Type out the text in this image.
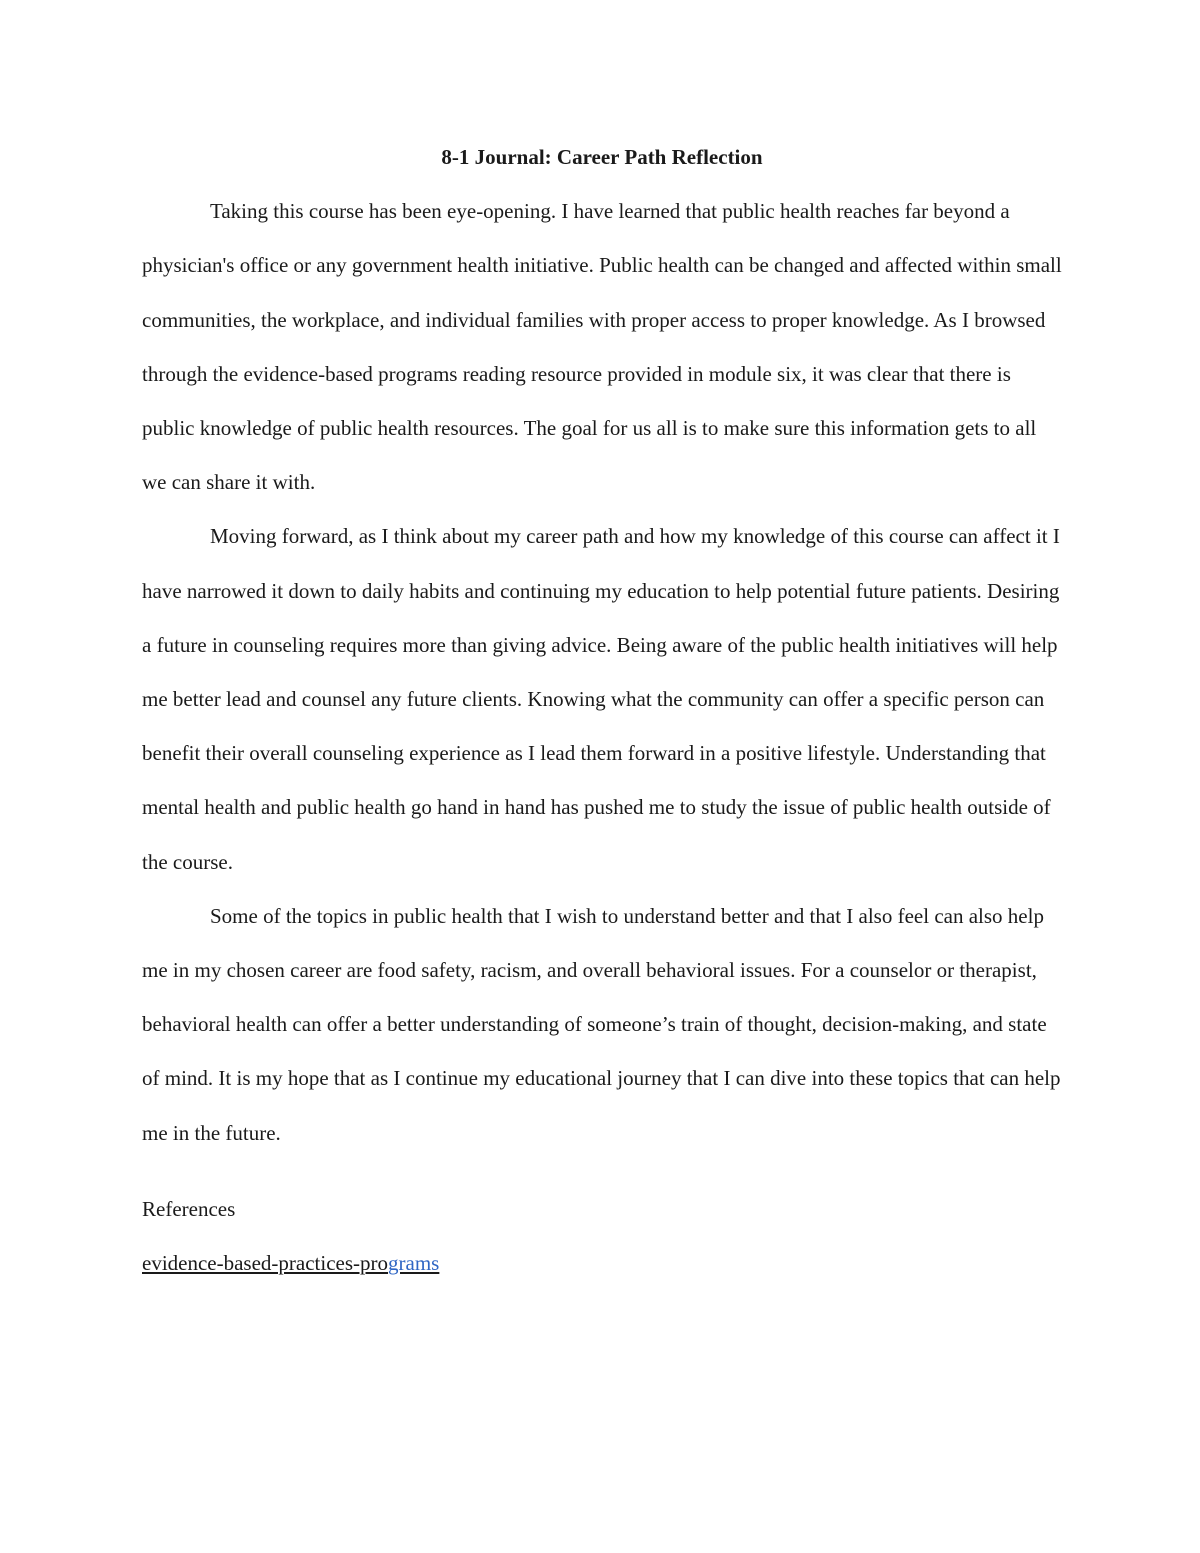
8-1 Journal: Career Path Reflection

Taking this course has been eye-opening. I have learned that public health reaches far beyond a physician's office or any government health initiative. Public health can be changed and affected within small communities, the workplace, and individual families with proper access to proper knowledge. As I browsed through the evidence-based programs reading resource provided in module six, it was clear that there is public knowledge of public health resources. The goal for us all is to make sure this information gets to all we can share it with.

Moving forward, as I think about my career path and how my knowledge of this course can affect it I have narrowed it down to daily habits and continuing my education to help potential future patients. Desiring a future in counseling requires more than giving advice. Being aware of the public health initiatives will help me better lead and counsel any future clients. Knowing what the community can offer a specific person can benefit their overall counseling experience as I lead them forward in a positive lifestyle. Understanding that mental health and public health go hand in hand has pushed me to study the issue of public health outside of the course.

Some of the topics in public health that I wish to understand better and that I also feel can also help me in my chosen career are food safety, racism, and overall behavioral issues. For a counselor or therapist, behavioral health can offer a better understanding of someone’s train of thought, decision-making, and state of mind. It is my hope that as I continue my educational journey that I can dive into these topics that can help me in the future.

References

evidence-based-practices-programs
